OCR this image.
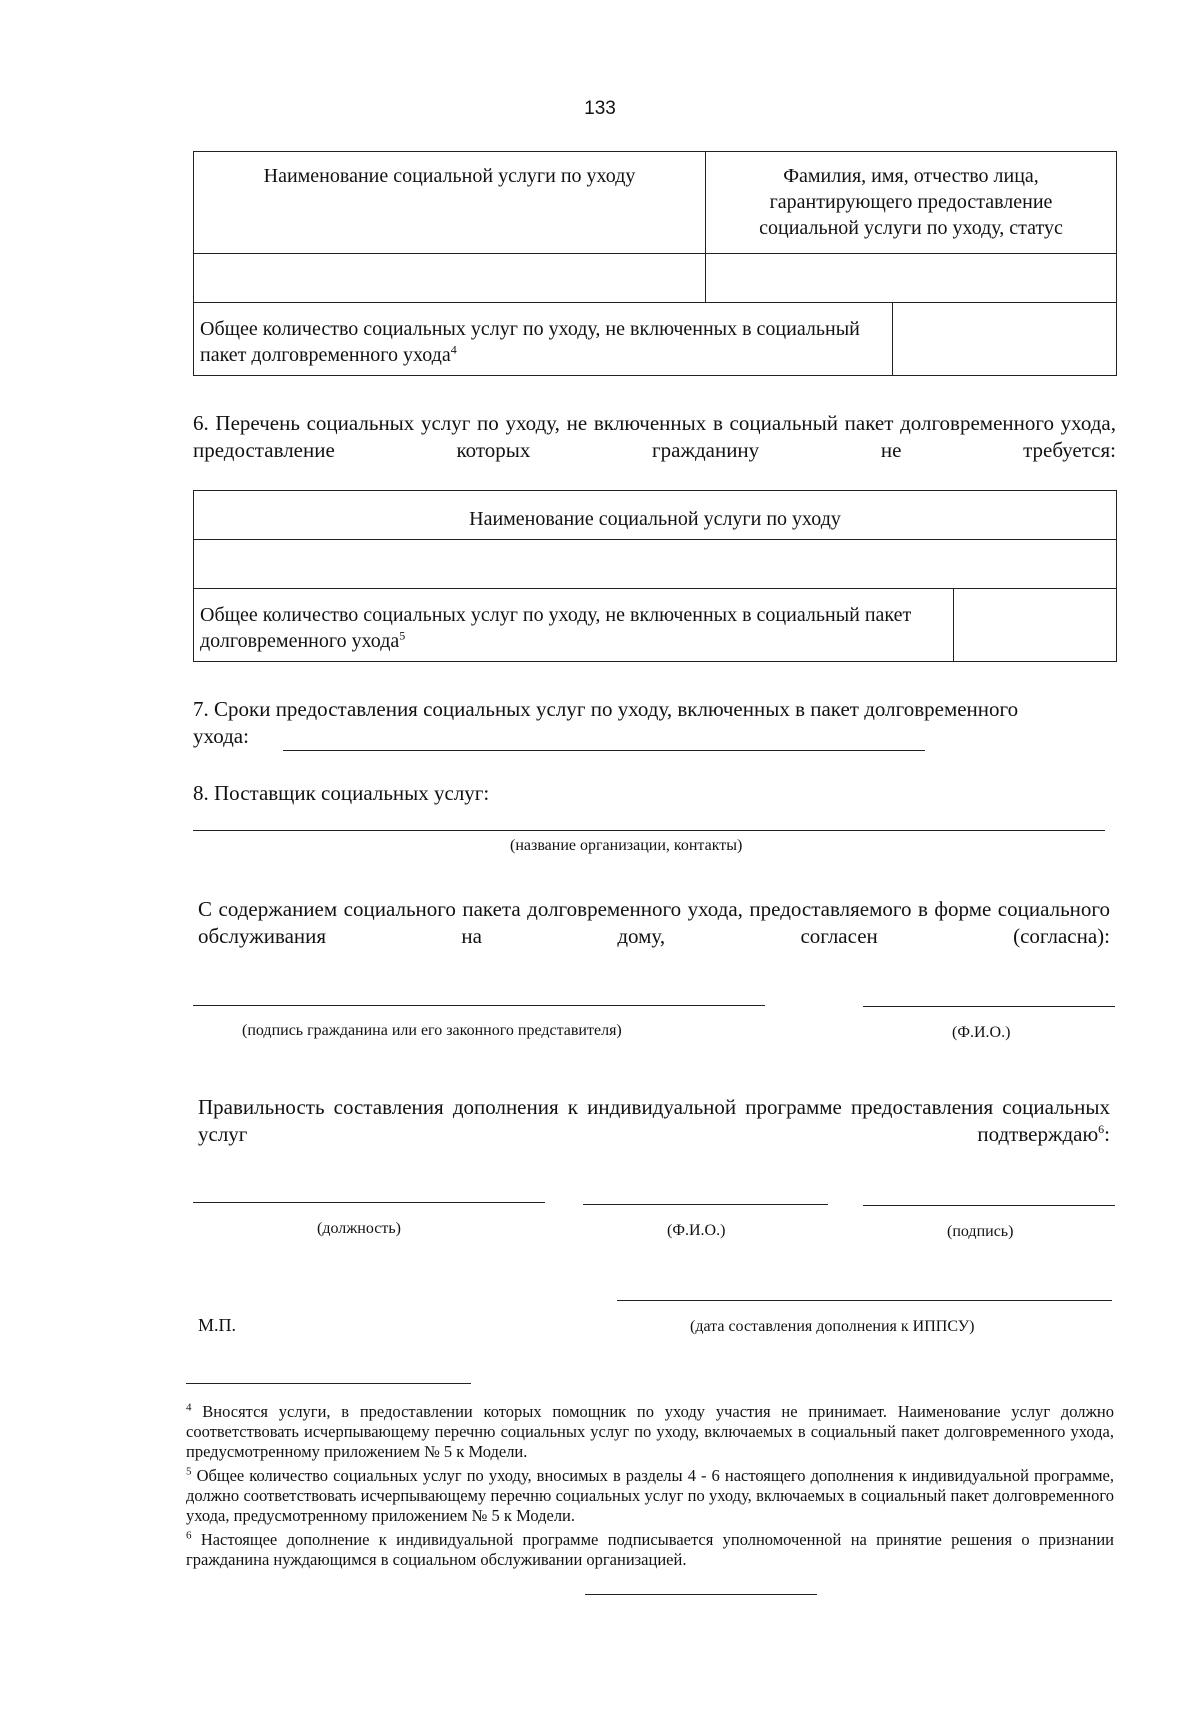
133
Наименование социальной услуги по уходу	Фамилия, имя, отчество лица, гарантирующего предоставление социальной услуги по уходу, статус	

Общее количество социальных услуг по уходу, не включенных в социальный пакет долговременного ухода$^4$	
6. Перечень социальных услуг по уходу, не включенных в социальный пакет долговременного ухода, предоставление которых гражданину не требуется:
Наименование социальной услуги по уходу

Общее количество социальных услуг по уходу, не включенных в социальный пакет долговременного ухода$^5$	
7. Сроки предоставления социальных услуг по уходу, включенных в пакет долговременного
ухода:
8. Поставщик социальных услуг:
(название организации, контакты)
С содержанием социального пакета долговременного ухода, предоставляемого в форме социального обслуживания на дому, согласен (согласна):
(подпись гражданина или его законного представителя)	(Ф.И.О.)
Правильность составления дополнения к индивидуальной программе предоставления социальных услуг подтверждаю$^6$:
(должность)	(Ф.И.О.)	(подпись)
М.П.	(дата составления дополнения к ИППСУ)
$^4$ Вносятся услуги, в предоставлении которых помощник по уходу участия не принимает. Наименование услуг должно соответствовать исчерпывающему перечню социальных услуг по уходу, включаемых в социальный пакет долговременного ухода, предусмотренному приложением № 5 к Модели.
$^5$ Общее количество социальных услуг по уходу, вносимых в разделы 4 - 6 настоящего дополнения к индивидуальной программе, должно соответствовать исчерпывающему перечню социальных услуг по уходу, включаемых в социальный пакет долговременного ухода, предусмотренному приложением № 5 к Модели.
$^6$ Настоящее дополнение к индивидуальной программе подписывается уполномоченной на принятие решения о признании гражданина нуждающимся в социальном обслуживании организацией.
